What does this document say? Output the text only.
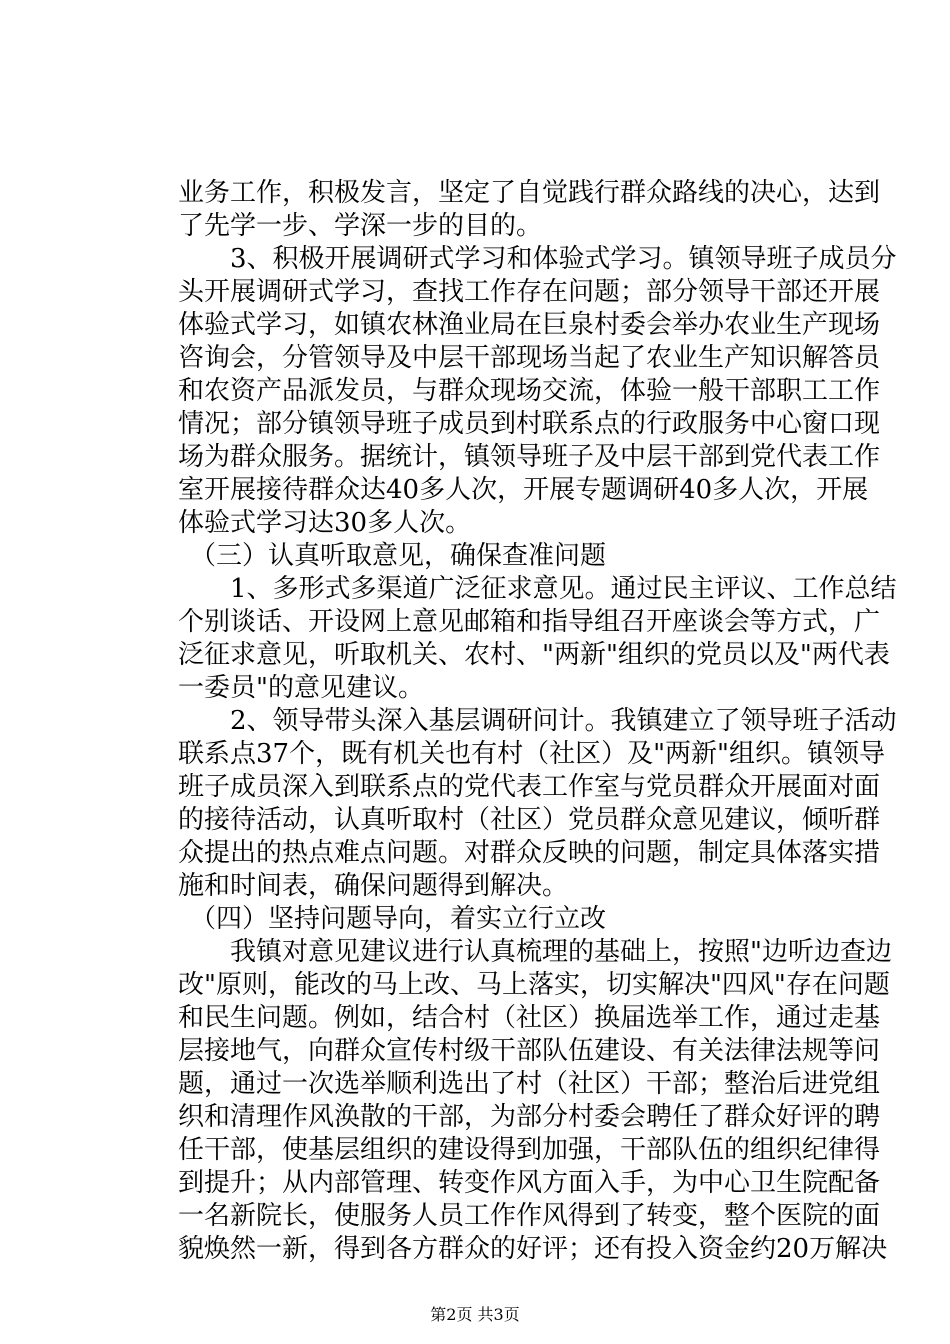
业务工作，积极发言，坚定了自觉践行群众路线的决心，达到
了先学一步、学深一步的目的。
3、积极开展调研式学习和体验式学习。镇领导班子成员分
头开展调研式学习，查找工作存在问题；部分领导干部还开展
体验式学习，如镇农林渔业局在巨泉村委会举办农业生产现场
咨询会，分管领导及中层干部现场当起了农业生产知识解答员
和农资产品派发员，与群众现场交流，体验一般干部职工工作
情况；部分镇领导班子成员到村联系点的行政服务中心窗口现
场为群众服务。据统计，镇领导班子及中层干部到党代表工作
室开展接待群众达40多人次，开展专题调研40多人次，开展
体验式学习达30多人次。
（三）认真听取意见，确保查准问题
1、多形式多渠道广泛征求意见。通过民主评议、工作总结
个别谈话、开设网上意见邮箱和指导组召开座谈会等方式，广
泛征求意见，听取机关、农村、"两新"组织的党员以及"两代表
一委员"的意见建议。
2、领导带头深入基层调研问计。我镇建立了领导班子活动
联系点37个，既有机关也有村（社区）及"两新"组织。镇领导
班子成员深入到联系点的党代表工作室与党员群众开展面对面
的接待活动，认真听取村（社区）党员群众意见建议，倾听群
众提出的热点难点问题。对群众反映的问题，制定具体落实措
施和时间表，确保问题得到解决。
（四）坚持问题导向，着实立行立改
我镇对意见建议进行认真梳理的基础上，按照"边听边查边
改"原则，能改的马上改、马上落实，切实解决"四风"存在问题
和民生问题。例如，结合村（社区）换届选举工作，通过走基
层接地气，向群众宣传村级干部队伍建设、有关法律法规等问
题，通过一次选举顺利选出了村（社区）干部；整治后进党组
织和清理作风涣散的干部，为部分村委会聘任了群众好评的聘
任干部，使基层组织的建设得到加强，干部队伍的组织纪律得
到提升；从内部管理、转变作风方面入手，为中心卫生院配备
一名新院长，使服务人员工作作风得到了转变，整个医院的面
貌焕然一新，得到各方群众的好评；还有投入资金约20万解决
第2页 共3页
